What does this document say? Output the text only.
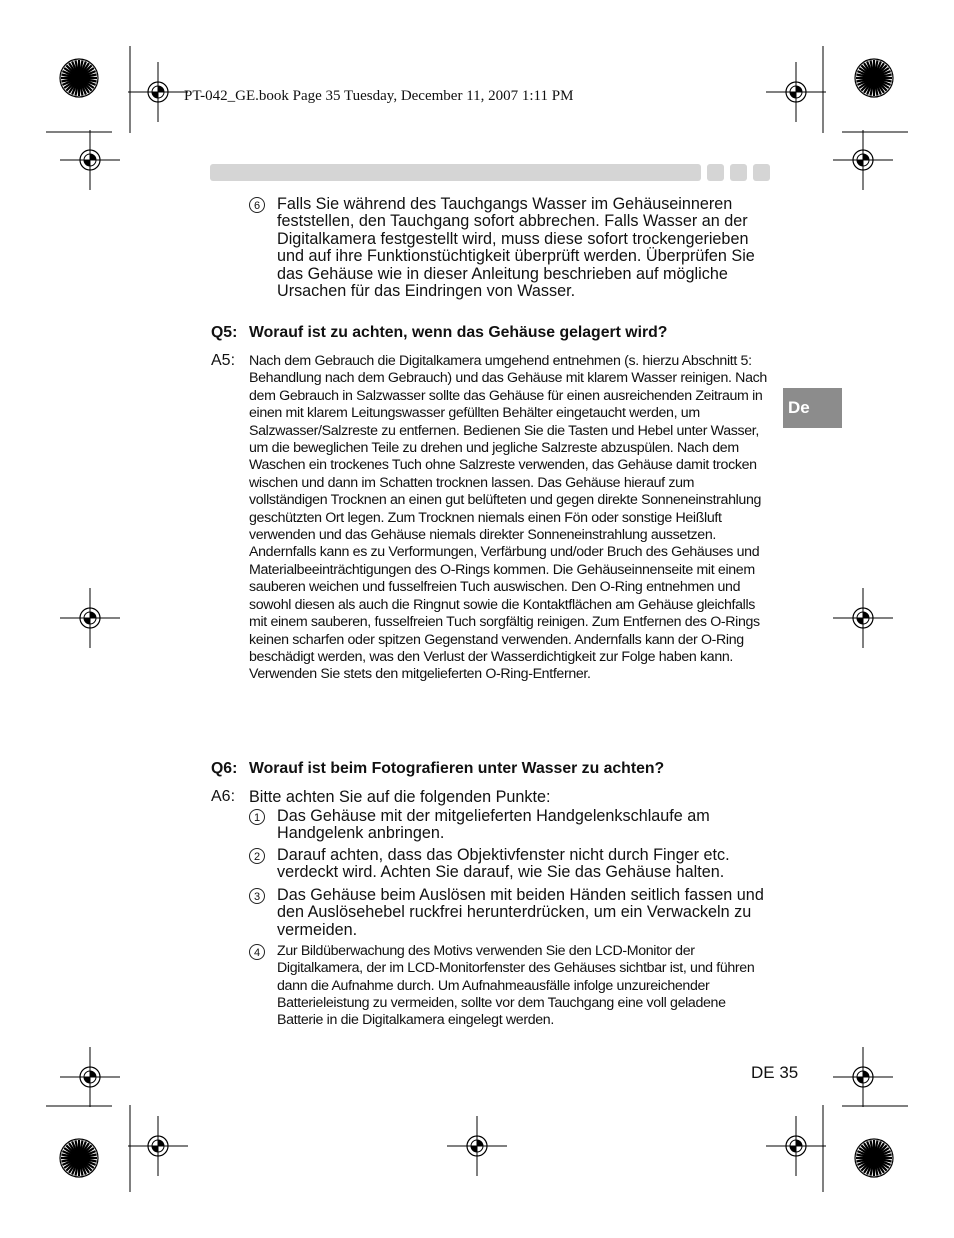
PT-042_GE.book Page 35 Tuesday, December 11, 2007 1:11 PM
De
6	Falls Sie während des Tauchgangs Wasser im Gehäuseinneren feststellen, den Tauchgang sofort abbrechen. Falls Wasser an der Digitalkamera festgestellt wird, muss diese sofort trockengerieben und auf ihre Funktionstüchtigkeit überprüft werden. Überprüfen Sie das Gehäuse wie in dieser Anleitung beschrieben auf mögliche Ursachen für das Eindringen von Wasser.
Q5: Worauf ist zu achten, wenn das Gehäuse gelagert wird?
A5: Nach dem Gebrauch die Digitalkamera umgehend entnehmen (s. hierzu Abschnitt 5: Behandlung nach dem Gebrauch) und das Gehäuse mit klarem Wasser reinigen. Nach dem Gebrauch in Salzwasser sollte das Gehäuse für einen ausreichenden Zeitraum in einen mit klarem Leitungswasser gefüllten Behälter eingetaucht werden, um Salzwasser/Salzreste zu entfernen. Bedienen Sie die Tasten und Hebel unter Wasser, um die beweglichen Teile zu drehen und jegliche Salzreste abzuspülen. Nach dem Waschen ein trockenes Tuch ohne Salzreste verwenden, das Gehäuse damit trocken wischen und dann im Schatten trocknen lassen. Das Gehäuse hierauf zum vollständigen Trocknen an einen gut belüfteten und gegen direkte Sonneneinstrahlung geschützten Ort legen. Zum Trocknen niemals einen Fön oder sonstige Heißluft verwenden und das Gehäuse niemals direkter Sonneneinstrahlung aussetzen. Andernfalls kann es zu Verformungen, Verfärbung und/oder Bruch des Gehäuses und Materialbeeinträchtigungen des O-Rings kommen. Die Gehäuseinnenseite mit einem sauberen weichen und fusselfreien Tuch auswischen. Den O-Ring entnehmen und sowohl diesen als auch die Ringnut sowie die Kontaktflächen am Gehäuse gleichfalls mit einem sauberen, fusselfreien Tuch sorgfältig reinigen. Zum Entfernen des O-Rings keinen scharfen oder spitzen Gegenstand verwenden. Andernfalls kann der O-Ring beschädigt werden, was den Verlust der Wasserdichtigkeit zur Folge haben kann. Verwenden Sie stets den mitgelieferten O-Ring-Entferner.
Q6: Worauf ist beim Fotografieren unter Wasser zu achten?
A6: Bitte achten Sie auf die folgenden Punkte:
1	Das Gehäuse mit der mitgelieferten Handgelenkschlaufe am Handgelenk anbringen.
2	Darauf achten, dass das Objektivfenster nicht durch Finger etc. verdeckt wird. Achten Sie darauf, wie Sie das Gehäuse halten.
3	Das Gehäuse beim Auslösen mit beiden Händen seitlich fassen und den Auslösehebel ruckfrei herunterdrücken, um ein Verwackeln zu vermeiden.
4	Zur Bildüberwachung des Motivs verwenden Sie den LCD-Monitor der Digitalkamera, der im LCD-Monitorfenster des Gehäuses sichtbar ist, und führen dann die Aufnahme durch. Um Aufnahmeausfälle infolge unzureichender Batterieleistung zu vermeiden, sollte vor dem Tauchgang eine voll geladene Batterie in die Digitalkamera eingelegt werden.
DE 35
